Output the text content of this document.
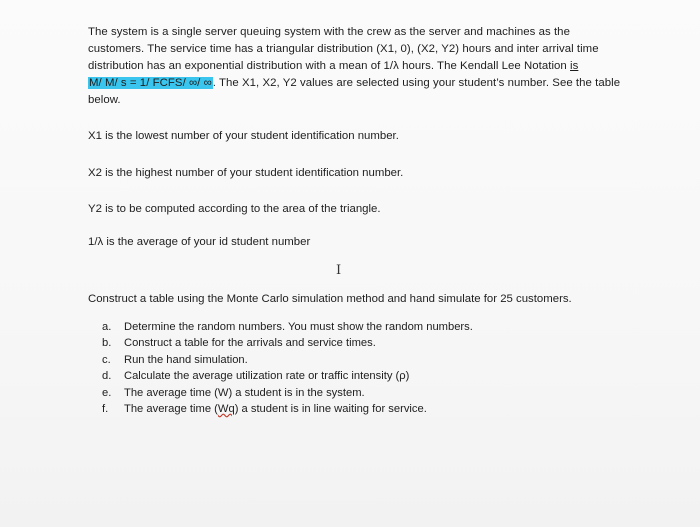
The system is a single server queuing system with the crew as the server and machines as the
customers. The service time has a triangular distribution (X1, 0), (X2, Y2) hours and inter arrival time
distribution has an exponential distribution with a mean of 1/λ hours. The Kendall Lee Notation is
M/ M/ s = 1/ FCFS/ ∞/ ∞. The X1, X2, Y2 values are selected using your student’s number. See the table
below.
X1 is the lowest number of your student identification number.
X2 is the highest number of your student identification number.
Y2 is to be computed according to the area of the triangle.
1/λ is the average of your id student number
I
Construct a table using the Monte Carlo simulation method and hand simulate for 25 customers.
a.	Determine the random numbers. You must show the random numbers.
b.	Construct a table for the arrivals and service times.
c.	Run the hand simulation.
d.	Calculate the average utilization rate or traffic intensity (ρ)
e.	The average time (W) a student is in the system.
f.	The average time (Wq) a student is in line waiting for service.
